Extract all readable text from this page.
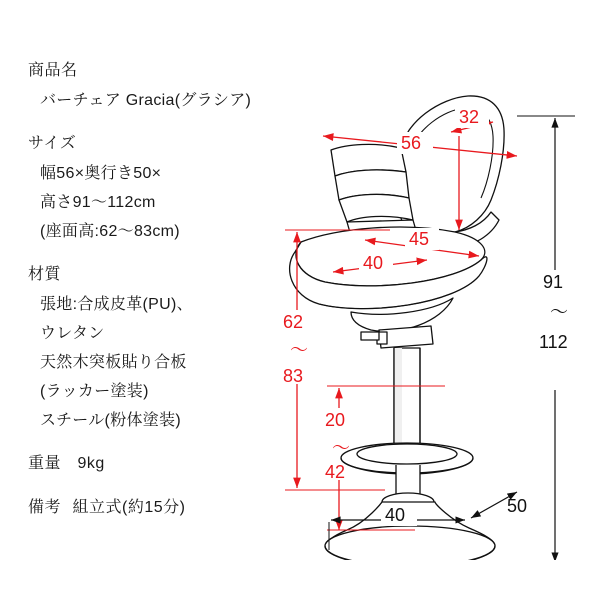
商品名
バーチェア Gracia(グラシア)
サイズ
幅56×奥行き50×
高さ91〜112cm
(座面高:62〜83cm)
材質
張地:合成皮革(PU)、
ウレタン
天然木突板貼り合板
(ラッカー塗装)
スチール(粉体塗装)
重量	9kg
備考	組立式(約15分)
32
56
45
40
62
〜
83
20
〜
42
91
〜
112
40	50
